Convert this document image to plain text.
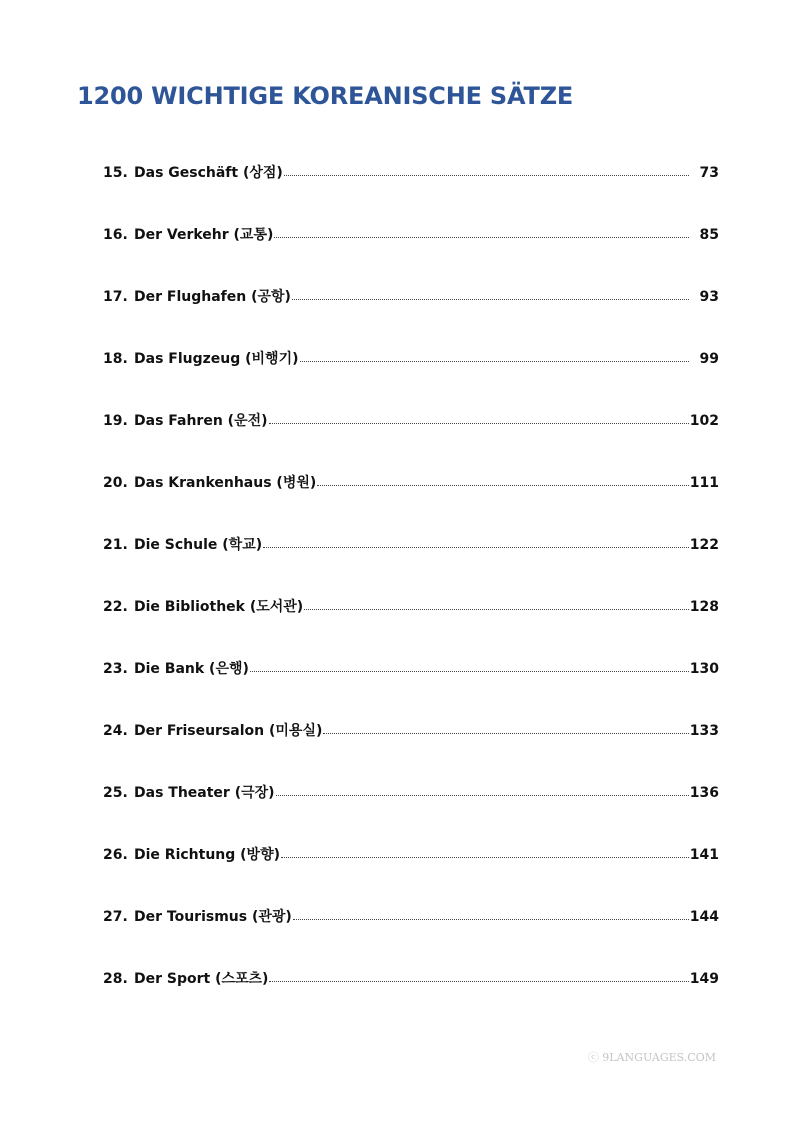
1200 WICHTIGE KOREANISCHE SÄTZE
15. Das Geschäft (상점)	73
16. Der Verkehr (교통)	85
17. Der Flughafen (공항)	93
18. Das Flugzeug (비행기)	99
19. Das Fahren (운전)	102
20. Das Krankenhaus (병원)	111
21. Die Schule (학교)	122
22. Die Bibliothek (도서관)	128
23. Die Bank (은행)	130
24. Der Friseursalon (미용실)	133
25. Das Theater (극장)	136
26. Die Richtung (방향)	141
27. Der Tourismus (관광)	144
28. Der Sport (스포츠)	149
ⓒ 9LANGUAGES.COM
